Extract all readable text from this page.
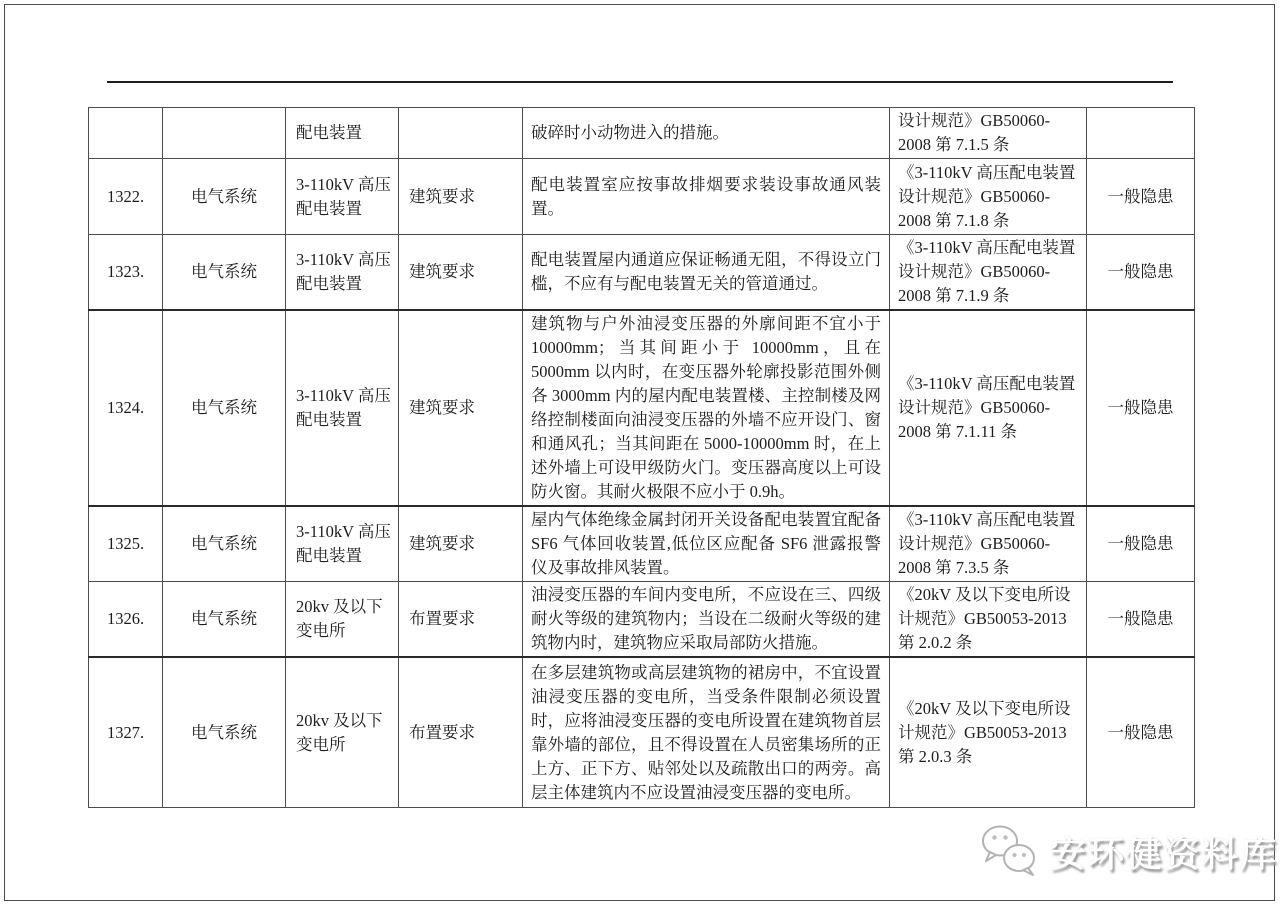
		配电装置		破碎时小动物进入的措施。	设计规范》GB50060-2008 第 7.1.5 条	
1322.	电气系统	3-110kV 高压配电装置	建筑要求	配电装置室应按事故排烟要求装设事故通风装置。	《3-110kV 高压配电装置设计规范》GB50060-2008 第 7.1.8 条	一般隐患
1323.	电气系统	3-110kV 高压配电装置	建筑要求	配电装置屋内通道应保证畅通无阻，不得设立门槛，不应有与配电装置无关的管道通过。	《3-110kV 高压配电装置设计规范》GB50060-2008 第 7.1.9 条	一般隐患
1324.	电气系统	3-110kV 高压配电装置	建筑要求	建筑物与户外油浸变压器的外廓间距不宜小于 10000mm；当其间距小于 10000mm，且在 5000mm 以内时，在变压器外轮廓投影范围外侧各 3000mm 内的屋内配电装置楼、主控制楼及网络控制楼面向油浸变压器的外墙不应开设门、窗和通风孔；当其间距在 5000-10000mm 时，在上述外墙上可设甲级防火门。变压器高度以上可设防火窗。其耐火极限不应小于 0.9h。	《3-110kV 高压配电装置设计规范》GB50060-2008 第 7.1.11 条	一般隐患
1325.	电气系统	3-110kV 高压配电装置	建筑要求	屋内气体绝缘金属封闭开关设备配电装置宜配备 SF6 气体回收装置,低位区应配备 SF6 泄露报警仪及事故排风装置。	《3-110kV 高压配电装置设计规范》GB50060-2008 第 7.3.5 条	一般隐患
1326.	电气系统	20kv 及以下变电所	布置要求	油浸变压器的车间内变电所，不应设在三、四级耐火等级的建筑物内；当设在二级耐火等级的建筑物内时，建筑物应采取局部防火措施。	《20kV 及以下变电所设计规范》GB50053-2013 第 2.0.2 条	一般隐患
1327.	电气系统	20kv 及以下变电所	布置要求	在多层建筑物或高层建筑物的裙房中，不宜设置油浸变压器的变电所，当受条件限制必须设置时，应将油浸变压器的变电所设置在建筑物首层靠外墙的部位，且不得设置在人员密集场所的正上方、正下方、贴邻处以及疏散出口的两旁。高层主体建筑内不应设置油浸变压器的变电所。	《20kV 及以下变电所设计规范》GB50053-2013 第 2.0.3 条	一般隐患
安环健资料库
